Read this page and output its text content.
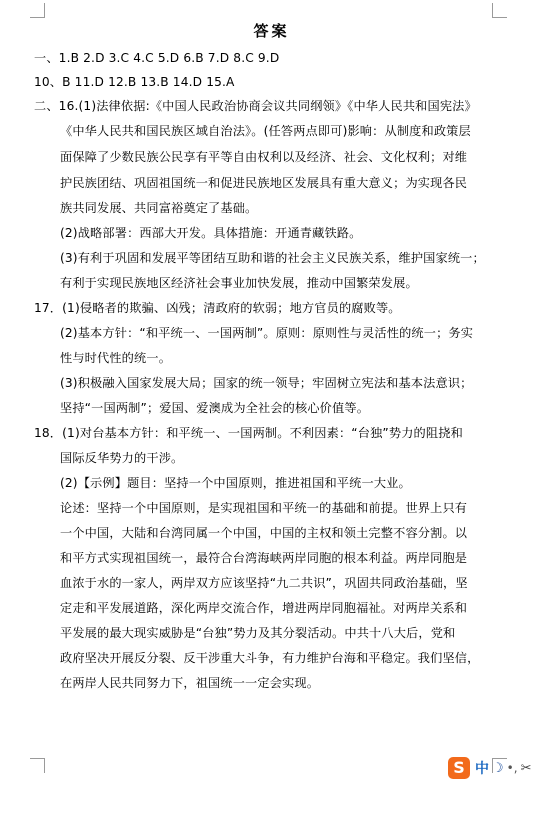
答案
一、1.B 2.D 3.C 4.C 5.D 6.B 7.D 8.C 9.D
10、B 11.D 12.B 13.B 14.D 15.A
二、16.(1)法律依据:《中国人民政治协商会议共同纲领》《中华人民共和国宪法》
《中华人民共和国民族区域自治法》。(任答两点即可)影响：从制度和政策层
面保障了少数民族公民享有平等自由权利以及经济、社会、文化权利；对维
护民族团结、巩固祖国统一和促进民族地区发展具有重大意义；为实现各民
族共同发展、共同富裕奠定了基础。
(2)战略部署：西部大开发。具体措施：开通青藏铁路。
(3)有利于巩固和发展平等团结互助和谐的社会主义民族关系，维护国家统一；
有利于实现民族地区经济社会事业加快发展，推动中国繁荣发展。
17．(1)侵略者的欺骗、凶残；清政府的软弱；地方官员的腐败等。
(2)基本方针：“和平统一、一国两制”。原则：原则性与灵活性的统一；务实
性与时代性的统一。
(3)积极融入国家发展大局；国家的统一领导；牢固树立宪法和基本法意识；
坚持“一国两制”；爱国、爱澳成为全社会的核心价值等。
18．(1)对台基本方针：和平统一、一国两制。不利因素：“台独”势力的阻挠和
国际反华势力的干涉。
(2)【示例】题目：坚持一个中国原则，推进祖国和平统一大业。
论述：坚持一个中国原则，是实现祖国和平统一的基础和前提。世界上只有
一个中国，大陆和台湾同属一个中国，中国的主权和领土完整不容分割。以
和平方式实现祖国统一，最符合台湾海峡两岸同胞的根本利益。两岸同胞是
血浓于水的一家人，两岸双方应该坚持“九二共识”，巩固共同政治基础，坚
定走和平发展道路，深化两岸交流合作，增进两岸同胞福祉。对两岸关系和
平发展的最大现实威胁是“台独”势力及其分裂活动。中共十八大后，党和
政府坚决开展反分裂、反干涉重大斗争，有力维护台海和平稳定。我们坚信，
在两岸人民共同努力下，祖国统一一定会实现。
S 中 ☽ •, ✂
